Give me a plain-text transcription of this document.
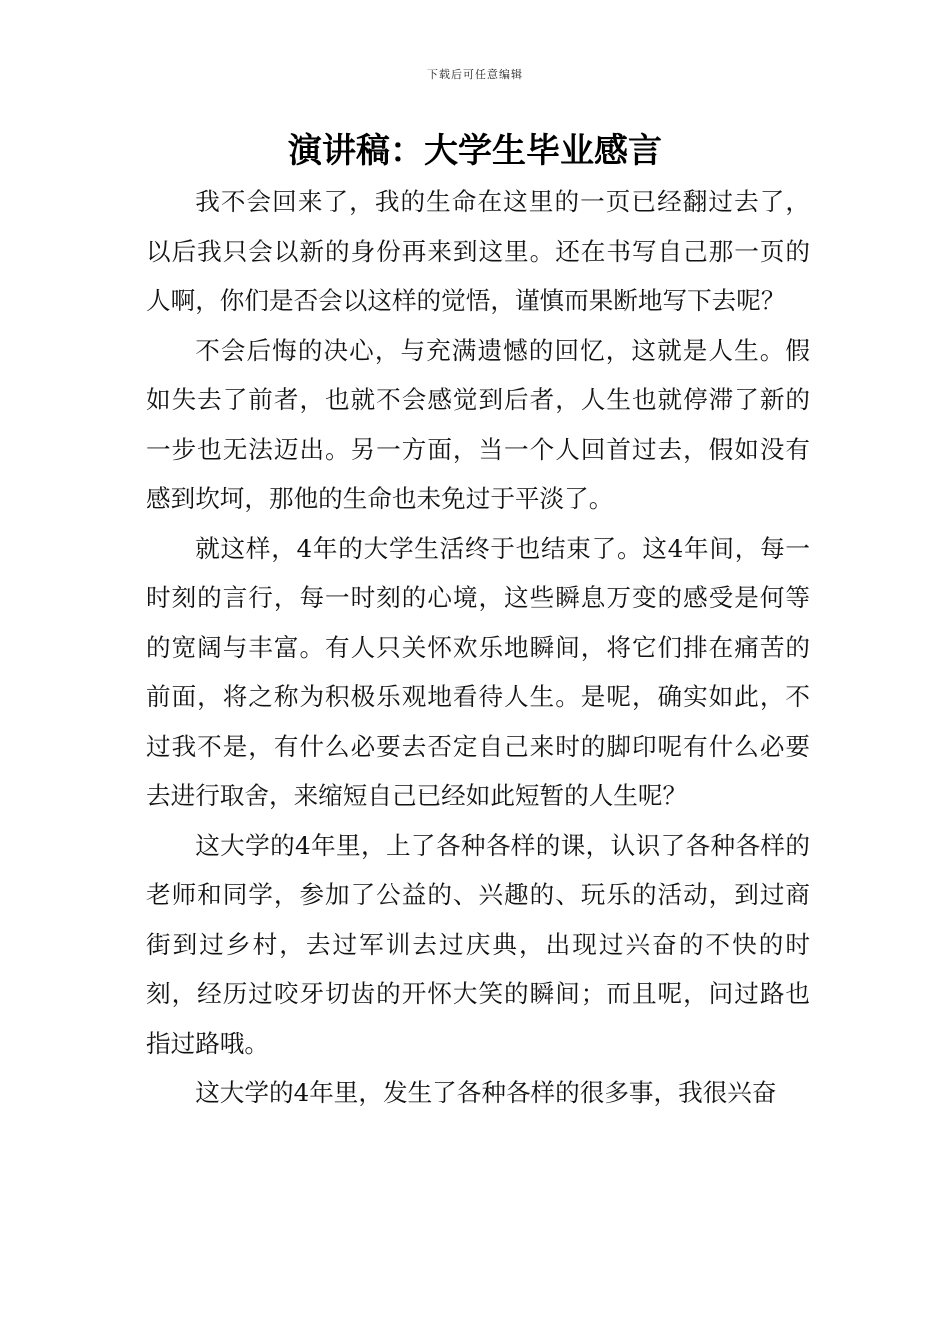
下载后可任意编辑
演讲稿：大学生毕业感言

我不会回来了，我的生命在这里的一页已经翻过去了，以后我只会以新的身份再来到这里。还在书写自己那一页的人啊，你们是否会以这样的觉悟，谨慎而果断地写下去呢？

不会后悔的决心，与充满遗憾的回忆，这就是人生。假如失去了前者，也就不会感觉到后者，人生也就停滞了新的一步也无法迈出。另一方面，当一个人回首过去，假如没有感到坎坷，那他的生命也未免过于平淡了。

就这样，4年的大学生活终于也结束了。这4年间，每一时刻的言行，每一时刻的心境，这些瞬息万变的感受是何等的宽阔与丰富。有人只关怀欢乐地瞬间，将它们排在痛苦的前面，将之称为积极乐观地看待人生。是呢，确实如此，不过我不是，有什么必要去否定自己来时的脚印呢有什么必要去进行取舍，来缩短自己已经如此短暂的人生呢？

这大学的4年里，上了各种各样的课，认识了各种各样的老师和同学，参加了公益的、兴趣的、玩乐的活动，到过商街到过乡村，去过军训去过庆典，出现过兴奋的不快的时刻，经历过咬牙切齿的开怀大笑的瞬间；而且呢，问过路也指过路哦。

这大学的4年里，发生了各种各样的很多事，我很兴奋
